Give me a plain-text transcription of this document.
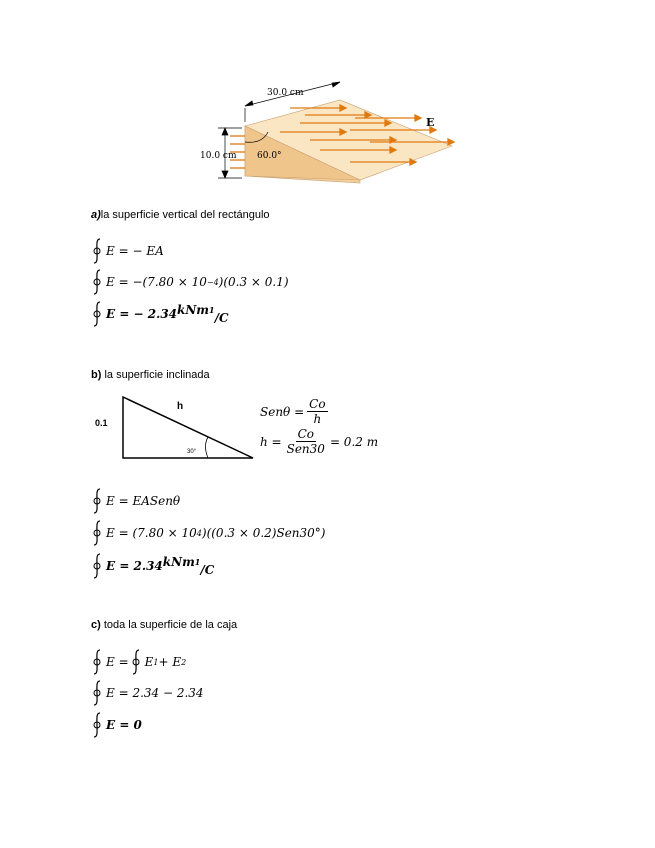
30.0 cm
10.0 cm 60.0°
E
a)la superficie vertical del rectángulo
E = − EA
E = −(7.80 × 10 −4 )(0.3 × 0.1)
E = − 2.34 kNm$^1$
/C
b) la superficie inclinada
0.1
h
30°
$Sen\theta = \frac{Co}{h}$
$h = \frac{Co}{\text{Sen30}} = 0.2$ m
E = EASenθ
E = (7.80 × 10 4 )((0.3 × 0.2)Sen30°)
E = 2.34 kNm$^1$
/C
c) toda la superficie de la caja
E = E 1 + E 2
E = 2.34 − 2.34
E = 0
